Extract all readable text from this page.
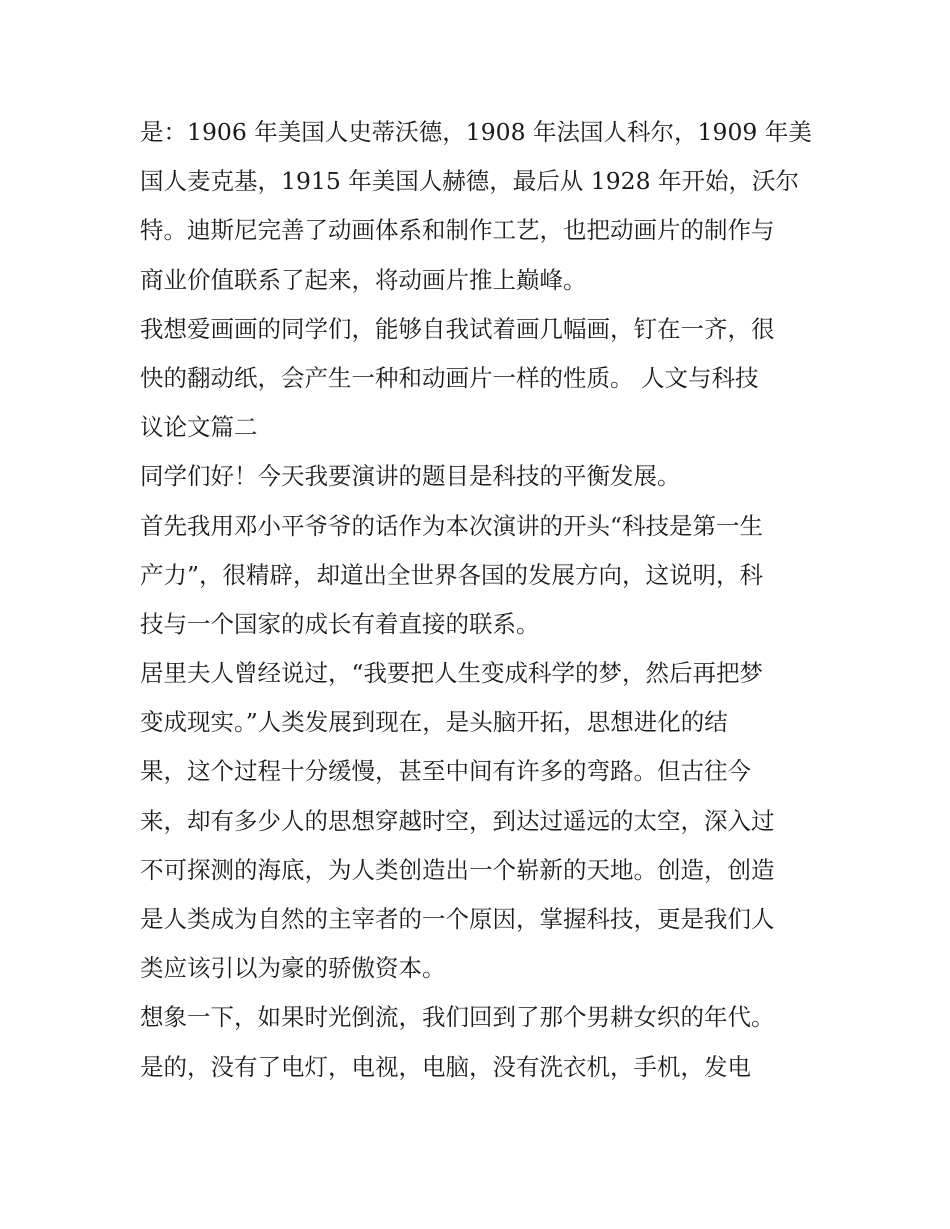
是：1906 年美国人史蒂沃德，1908 年法国人科尔，1909 年美
国人麦克基，1915 年美国人赫德，最后从 1928 年开始，沃尔
特。迪斯尼完善了动画体系和制作工艺，也把动画片的制作与
商业价值联系了起来，将动画片推上巅峰。
我想爱画画的同学们，能够自我试着画几幅画，钉在一齐，很
快的翻动纸，会产生一种和动画片一样的性质。 人文与科技
议论文篇二
同学们好！今天我要演讲的题目是科技的平衡发展。
首先我用邓小平爷爷的话作为本次演讲的开头“科技是第一生
产力”，很精辟，却道出全世界各国的发展方向，这说明，科
技与一个国家的成长有着直接的联系。
居里夫人曾经说过，“我要把人生变成科学的梦，然后再把梦
变成现实。”人类发展到现在，是头脑开拓，思想进化的结
果，这个过程十分缓慢，甚至中间有许多的弯路。但古往今
来，却有多少人的思想穿越时空，到达过遥远的太空，深入过
不可探测的海底，为人类创造出一个崭新的天地。创造，创造
是人类成为自然的主宰者的一个原因，掌握科技，更是我们人
类应该引以为豪的骄傲资本。
想象一下，如果时光倒流，我们回到了那个男耕女织的年代。
是的，没有了电灯，电视，电脑，没有洗衣机，手机，发电
